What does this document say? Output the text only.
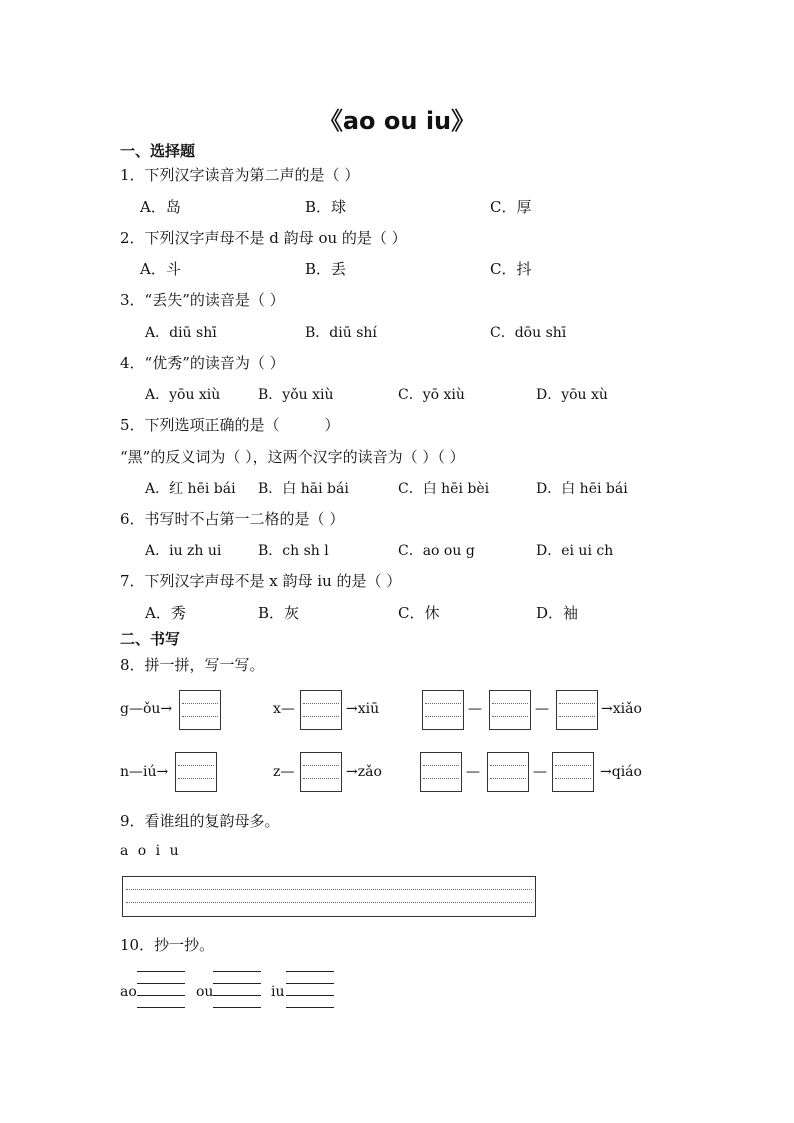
《ao ou iu》
一、选择题
1．下列汉字读音为第二声的是（ ）
A．岛	B．球	C．厚
2．下列汉字声母不是 d 韵母 ou 的是（ ）
A．斗	B．丢	C．抖
3．“丢失”的读音是（ ）
A．diū shī	B．diū shí	C．dōu shī
4．“优秀”的读音为（ ）
A．yōu xiù	B．yǒu xiù	C．yō xiù	D．yōu xù
5．下列选项正确的是（　　　）
“黑”的反义词为（ ），这两个汉字的读音为（ ）（ ）
A．红 hēi bái B．白 hāi bái	C．白 hēi bèi	D．白 hēi bái
6．书写时不占第一二格的是（ ）
A．iu zh ui	B．ch sh l	C．ao ou g	D．ei ui ch
7．下列汉字声母不是 x 韵母 iu 的是（ ）
A．秀	B．灰	C．休	D．袖
二、书写
8．拼一拼，写一写。
g—ǒu→	x—	→xiū	—	—	→xiǎo
n—iú→	z—	→zǎo	—	—	→qiáo
9．看谁组的复韵母多。
a o i u
10．抄一抄。
ao	ou	iu
